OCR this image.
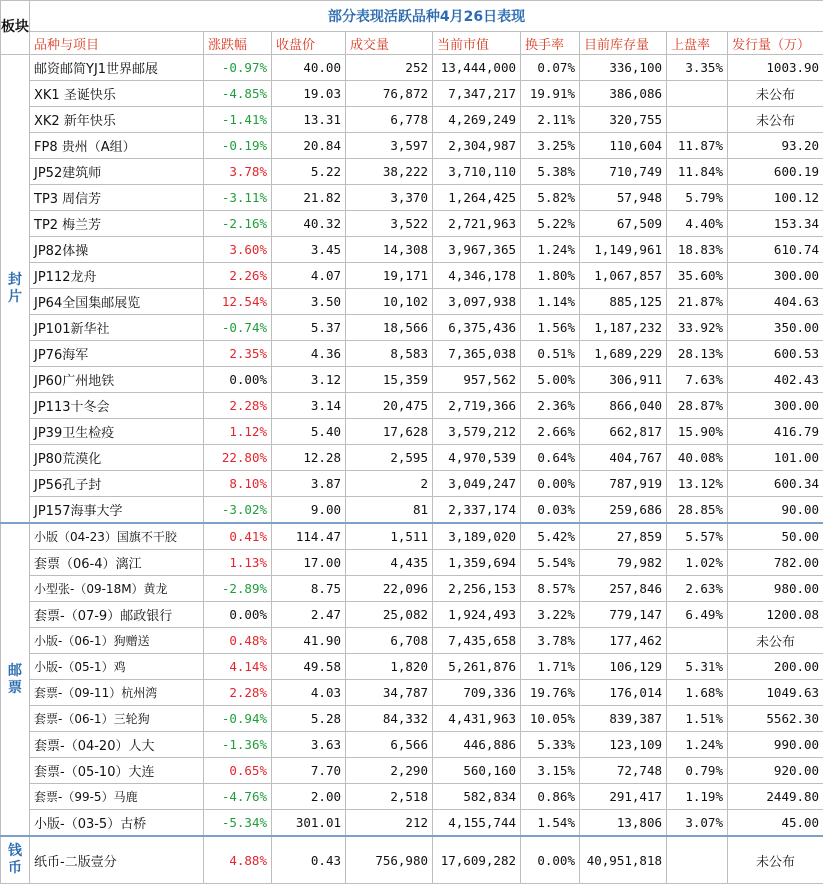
板块	部分表现活跃品种4月26日表现								
	品种与项目	涨跌幅	收盘价	成交量	当前市值	换手率	目前库存量	上盘率	发行量（万）
封
片	邮资邮简YJ1世界邮展	-0.97%	40.00	252	13,444,000	0.07%	336,100	3.35%	1003.90
	XK1 圣诞快乐	-4.85%	19.03	76,872	7,347,217	19.91%	386,086		未公布
	XK2 新年快乐	-1.41%	13.31	6,778	4,269,249	2.11%	320,755		未公布
	FP8 贵州（A组）	-0.19%	20.84	3,597	2,304,987	3.25%	110,604	11.87%	93.20
	JP52建筑师	3.78%	5.22	38,222	3,710,110	5.38%	710,749	11.84%	600.19
	TP3 周信芳	-3.11%	21.82	3,370	1,264,425	5.82%	57,948	5.79%	100.12
	TP2 梅兰芳	-2.16%	40.32	3,522	2,721,963	5.22%	67,509	4.40%	153.34
	JP82体操	3.60%	3.45	14,308	3,967,365	1.24%	1,149,961	18.83%	610.74
	JP112龙舟	2.26%	4.07	19,171	4,346,178	1.80%	1,067,857	35.60%	300.00
	JP64全国集邮展览	12.54%	3.50	10,102	3,097,938	1.14%	885,125	21.87%	404.63
	JP101新华社	-0.74%	5.37	18,566	6,375,436	1.56%	1,187,232	33.92%	350.00
	JP76海军	2.35%	4.36	8,583	7,365,038	0.51%	1,689,229	28.13%	600.53
	JP60广州地铁	0.00%	3.12	15,359	957,562	5.00%	306,911	7.63%	402.43
	JP113十冬会	2.28%	3.14	20,475	2,719,366	2.36%	866,040	28.87%	300.00
	JP39卫生检疫	1.12%	5.40	17,628	3,579,212	2.66%	662,817	15.90%	416.79
	JP80荒漠化	22.80%	12.28	2,595	4,970,539	0.64%	404,767	40.08%	101.00
	JP56孔子封	8.10%	3.87	2	3,049,247	0.00%	787,919	13.12%	600.34
	JP157海事大学	-3.02%	9.00	81	2,337,174	0.03%	259,686	28.85%	90.00
邮
票	小版（04-23）国旗不干胶	0.41%	114.47	1,511	3,189,020	5.42%	27,859	5.57%	50.00
	套票（06-4）漓江	1.13%	17.00	4,435	1,359,694	5.54%	79,982	1.02%	782.00
	小型张-（09-18M）黄龙	-2.89%	8.75	22,096	2,256,153	8.57%	257,846	2.63%	980.00
	套票-（07-9）邮政银行	0.00%	2.47	25,082	1,924,493	3.22%	779,147	6.49%	1200.08
	小版-（06-1）狗赠送	0.48%	41.90	6,708	7,435,658	3.78%	177,462		未公布
	小版-（05-1）鸡	4.14%	49.58	1,820	5,261,876	1.71%	106,129	5.31%	200.00
	套票-（09-11）杭州湾	2.28%	4.03	34,787	709,336	19.76%	176,014	1.68%	1049.63
	套票-（06-1）三轮狗	-0.94%	5.28	84,332	4,431,963	10.05%	839,387	1.51%	5562.30
	套票-（04-20）人大	-1.36%	3.63	6,566	446,886	5.33%	123,109	1.24%	990.00
	套票-（05-10）大连	0.65%	7.70	2,290	560,160	3.15%	72,748	0.79%	920.00
	套票-（99-5）马鹿	-4.76%	2.00	2,518	582,834	0.86%	291,417	1.19%	2449.80
	小版-（03-5）古桥	-5.34%	301.01	212	4,155,744	1.54%	13,806	3.07%	45.00
钱
币	纸币-二版壹分	4.88%	0.43	756,980	17,609,282	0.00%	40,951,818		未公布
